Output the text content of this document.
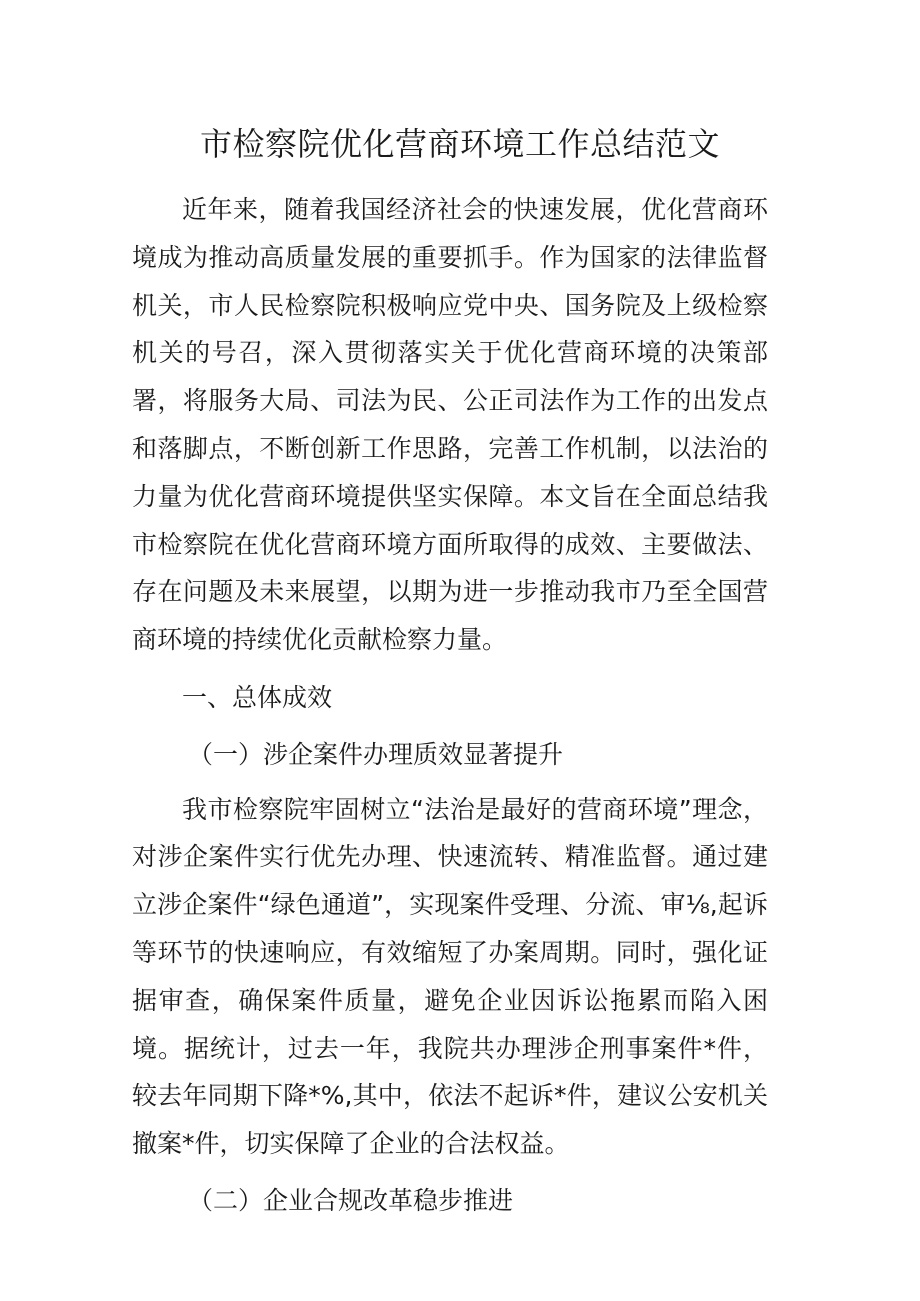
市检察院优化营商环境工作总结范文

近年来，随着我国经济社会的快速发展，优化营商环境成为推动高质量发展的重要抓手。作为国家的法律监督机关，市人民检察院积极响应党中央、国务院及上级检察机关的号召，深入贯彻落实关于优化营商环境的决策部署，将服务大局、司法为民、公正司法作为工作的出发点和落脚点，不断创新工作思路，完善工作机制，以法治的力量为优化营商环境提供坚实保障。本文旨在全面总结我市检察院在优化营商环境方面所取得的成效、主要做法、存在问题及未来展望，以期为进一步推动我市乃至全国营商环境的持续优化贡献检察力量。

一、总体成效

（一）涉企案件办理质效显著提升

我市检察院牢固树立“法治是最好的营商环境”理念，对涉企案件实行优先办理、快速流转、精准监督。通过建立涉企案件“绿色通道”，实现案件受理、分流、审⅛,起诉等环节的快速响应，有效缩短了办案周期。同时，强化证据审查，确保案件质量，避免企业因诉讼拖累而陷入困境。据统计，过去一年，我院共办理涉企刑事案件*件，较去年同期下降*%,其中，依法不起诉*件，建议公安机关撤案*件，切实保障了企业的合法权益。

（二）企业合规改革稳步推进
